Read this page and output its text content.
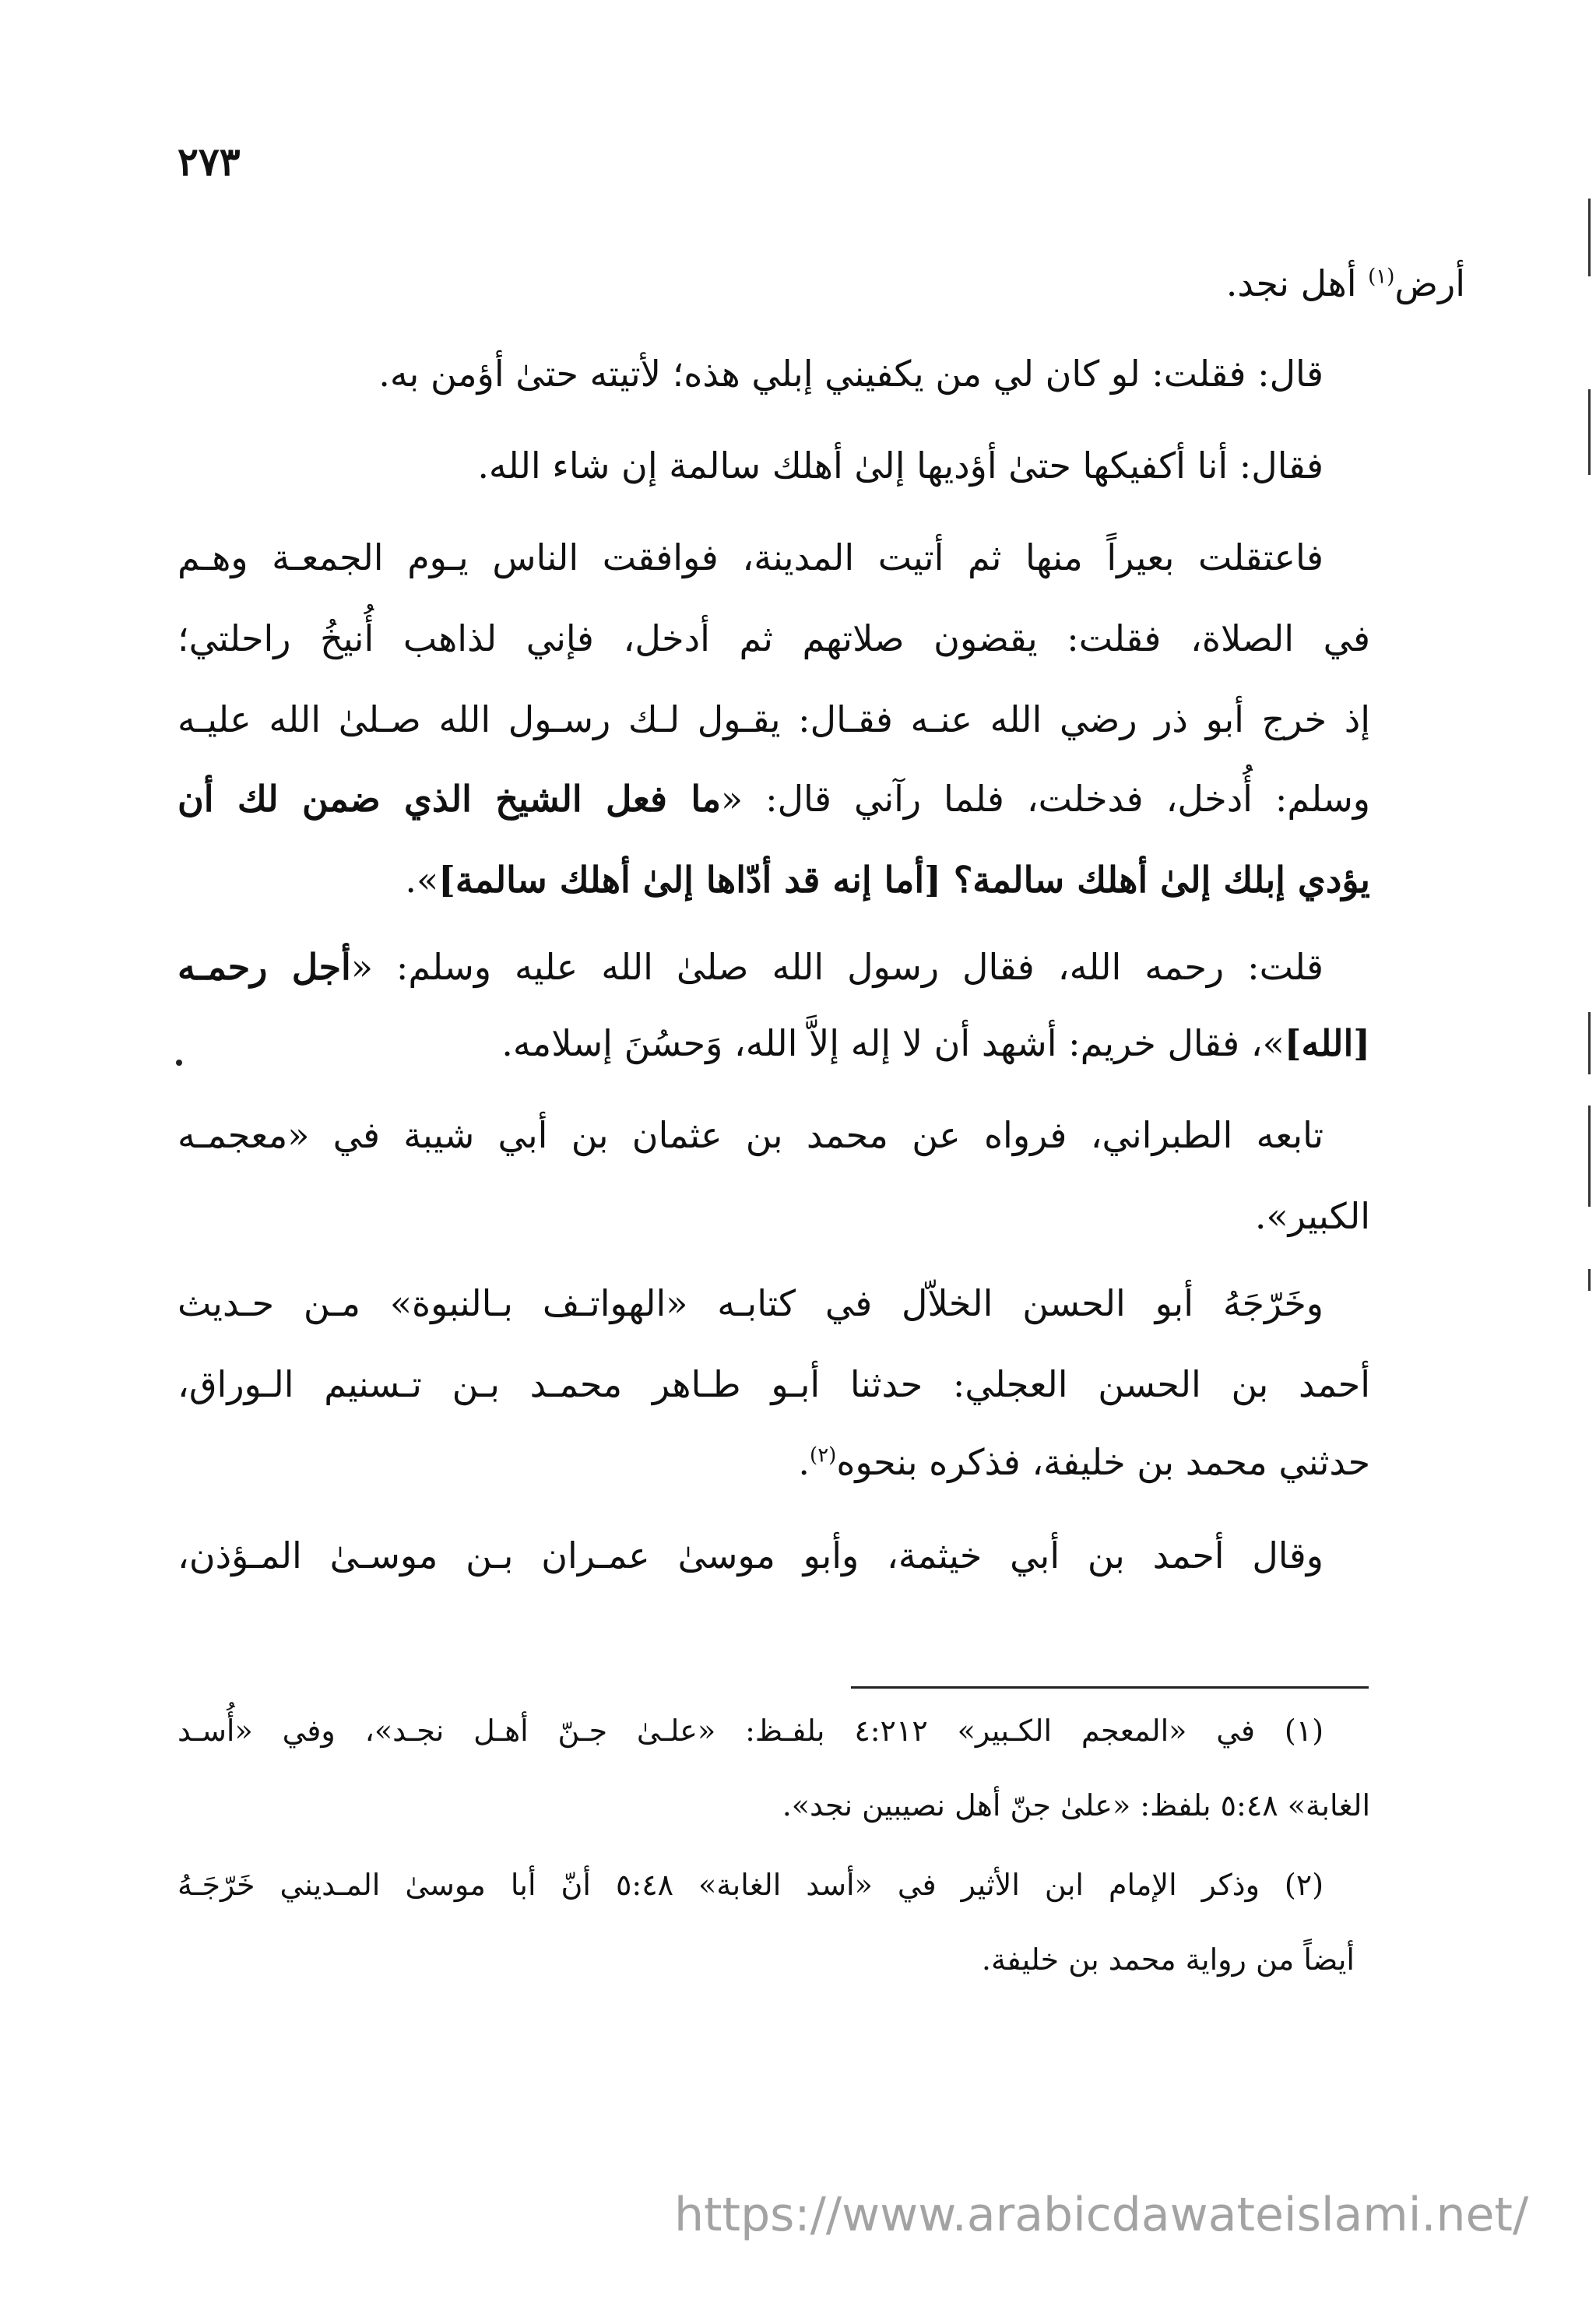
٢٧٣
أرض$^{(١)}$ أهل نجد.
قال: فقلت: لو كان لي من يكفيني إبلي هذه؛ لأتيته حتىٰ أؤمن به.
فقال: أنا أكفيكها حتىٰ أؤديها إلىٰ أهلك سالمة إن شاء الله.
فاعتقلت بعيراً منها ثم أتيت المدينة، فوافقت الناس يـوم الجمعـة وهـم
في الصلاة، فقلت: يقضون صلاتهم ثم أدخل، فإني لذاهب أُنيخُ راحلتي؛
إذ خرج أبو ذر رضي الله عنـه فقـال: يقـول لـك رسـول الله صـلىٰ الله عليـه
وسلم: أُدخل، فدخلت، فلما رآني قال: «ما فعل الشيخ الذي ضمن لك أن
يؤدي إبلك إلىٰ أهلك سالمة؟ [أما إنه قد أدّاها إلىٰ أهلك سالمة]».
قلت: رحمه الله، فقال رسول الله صلىٰ الله عليه وسلم: «أجل رحمـه
[الله]»، فقال خريم: أشهد أن لا إله إلاَّ الله، وَحسُنَ إسلامه.
تابعه الطبراني، فرواه عن محمد بن عثمان بن أبي شيبة في «معجمـه
الكبير».
وخَرّجَهُ أبو الحسن الخلاّل في كتابـه «الهواتـف بـالنبوة» مـن حـديث
أحمد بن الحسن العجلي: حدثنا أبـو طـاهر محمـد بـن تـسنيم الـوراق،
حدثني محمد بن خليفة، فذكره بنحوه$^{(٢)}$.
وقال أحمد بن أبي خيثمة، وأبو موسىٰ عمـران بـن موسـىٰ المـؤذن،
(١) في «المعجم الكـبير» ٤:٢١٢ بلفـظ: «علـىٰ جـنّ أهـل نجـد»، وفي «أُسـد
الغابة» ٥:٤٨ بلفظ: «علىٰ جنّ أهل نصيبين نجد».
(٢) وذكر الإمام ابن الأثير في «أسد الغابة» ٥:٤٨ أنّ أبا موسىٰ المـديني خَرّجَـهُ
أيضاً من رواية محمد بن خليفة.
https://www.arabicdawateislami.net/
